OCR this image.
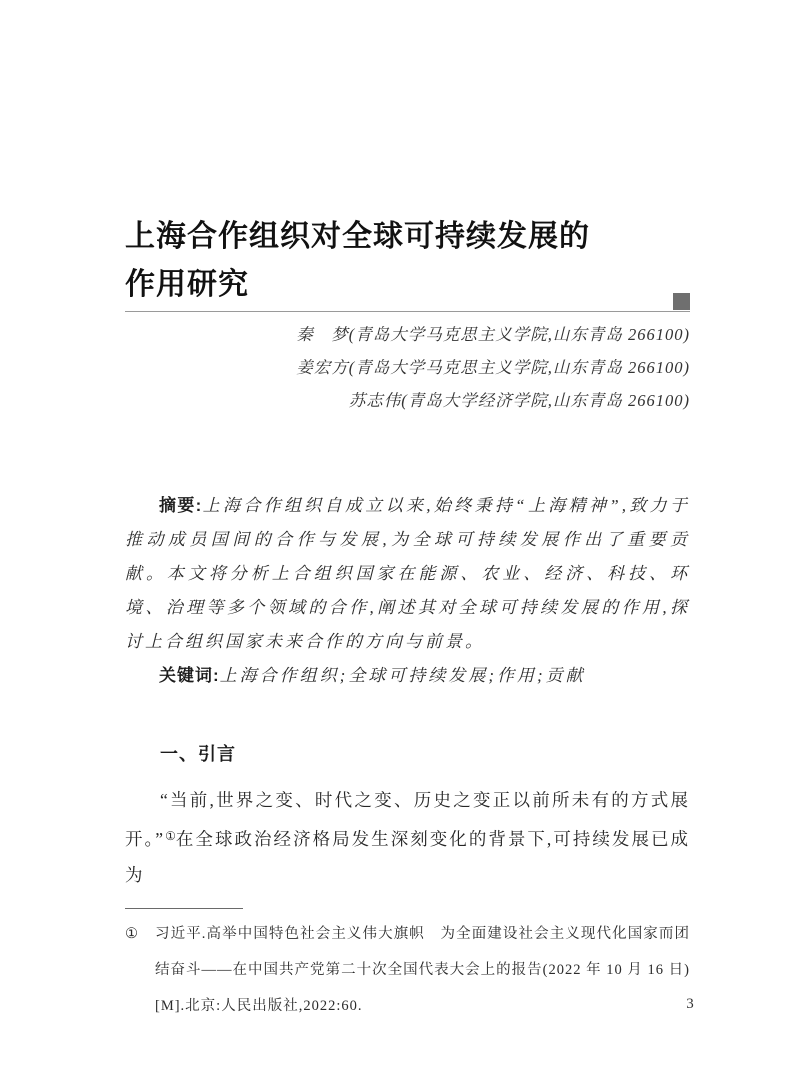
上海合作组织对全球可持续发展的
作用研究
秦　梦(青岛大学马克思主义学院,山东青岛 266100)
姜宏方(青岛大学马克思主义学院,山东青岛 266100)
苏志伟(青岛大学经济学院,山东青岛 266100)

摘要:上海合作组织自成立以来,始终秉持“上海精神”,致力于推动成员国间的合作与发展,为全球可持续发展作出了重要贡献。本文将分析上合组织国家在能源、农业、经济、科技、环境、治理等多个领域的合作,阐述其对全球可持续发展的作用,探讨上合组织国家未来合作的方向与前景。

关键词:上海合作组织;全球可持续发展;作用;贡献

一、引言

“当前,世界之变、时代之变、历史之变正以前所未有的方式展开。”①在全球政治经济格局发生深刻变化的背景下,可持续发展已成为

①	习近平.高举中国特色社会主义伟大旗帜　为全面建设社会主义现代化国家而团结奋斗——在中国共产党第二十次全国代表大会上的报告(2022 年 10 月 16 日)[M].北京:人民出版社,2022:60.	3
